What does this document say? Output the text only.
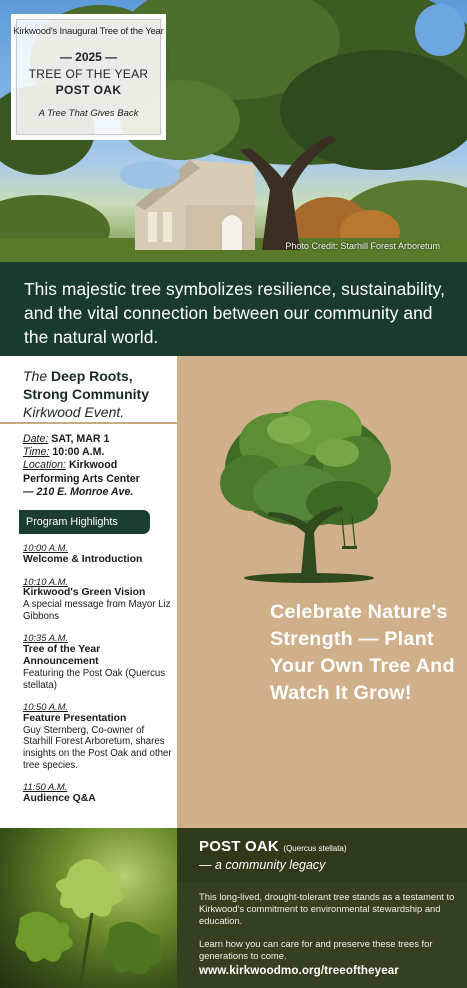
Kirkwood's Inaugural Tree of the Year
— 2025 —
TREE OF THE YEAR
POST OAK
A Tree That Gives Back
Photo Credit: Starhill Forest Arboretum
This majestic tree symbolizes resilience, sustainability, and the vital connection between our community and the natural world.
The Deep Roots, Strong Community Kirkwood Event.
Date: SAT, MAR 1
Time: 10:00 A.M.
Location: Kirkwood Performing Arts Center
— 210 E. Monroe Ave.
Program Highlights
10:00 A.M.
Welcome & Introduction
10:10 A.M.
Kirkwood's Green Vision
A special message from Mayor Liz Gibbons
10:35 A.M.
Tree of the Year Announcement
Featuring the Post Oak (Quercus stellata)
10:50 A.M.
Feature Presentation
Guy Sternberg, Co-owner of Starhill Forest Arboretum, shares insights on the Post Oak and other tree species.
11:50 A.M.
Audience Q&A
Celebrate Nature's Strength — Plant Your Own Tree And Watch It Grow!
POST OAK (Quercus stellata)
— a community legacy

This long-lived, drought-tolerant tree stands as a testament to Kirkwood's commitment to environmental stewardship and education.

Learn how you can care for and preserve these trees for generations to come.

www.kirkwoodmo.org/treeoftheyear
